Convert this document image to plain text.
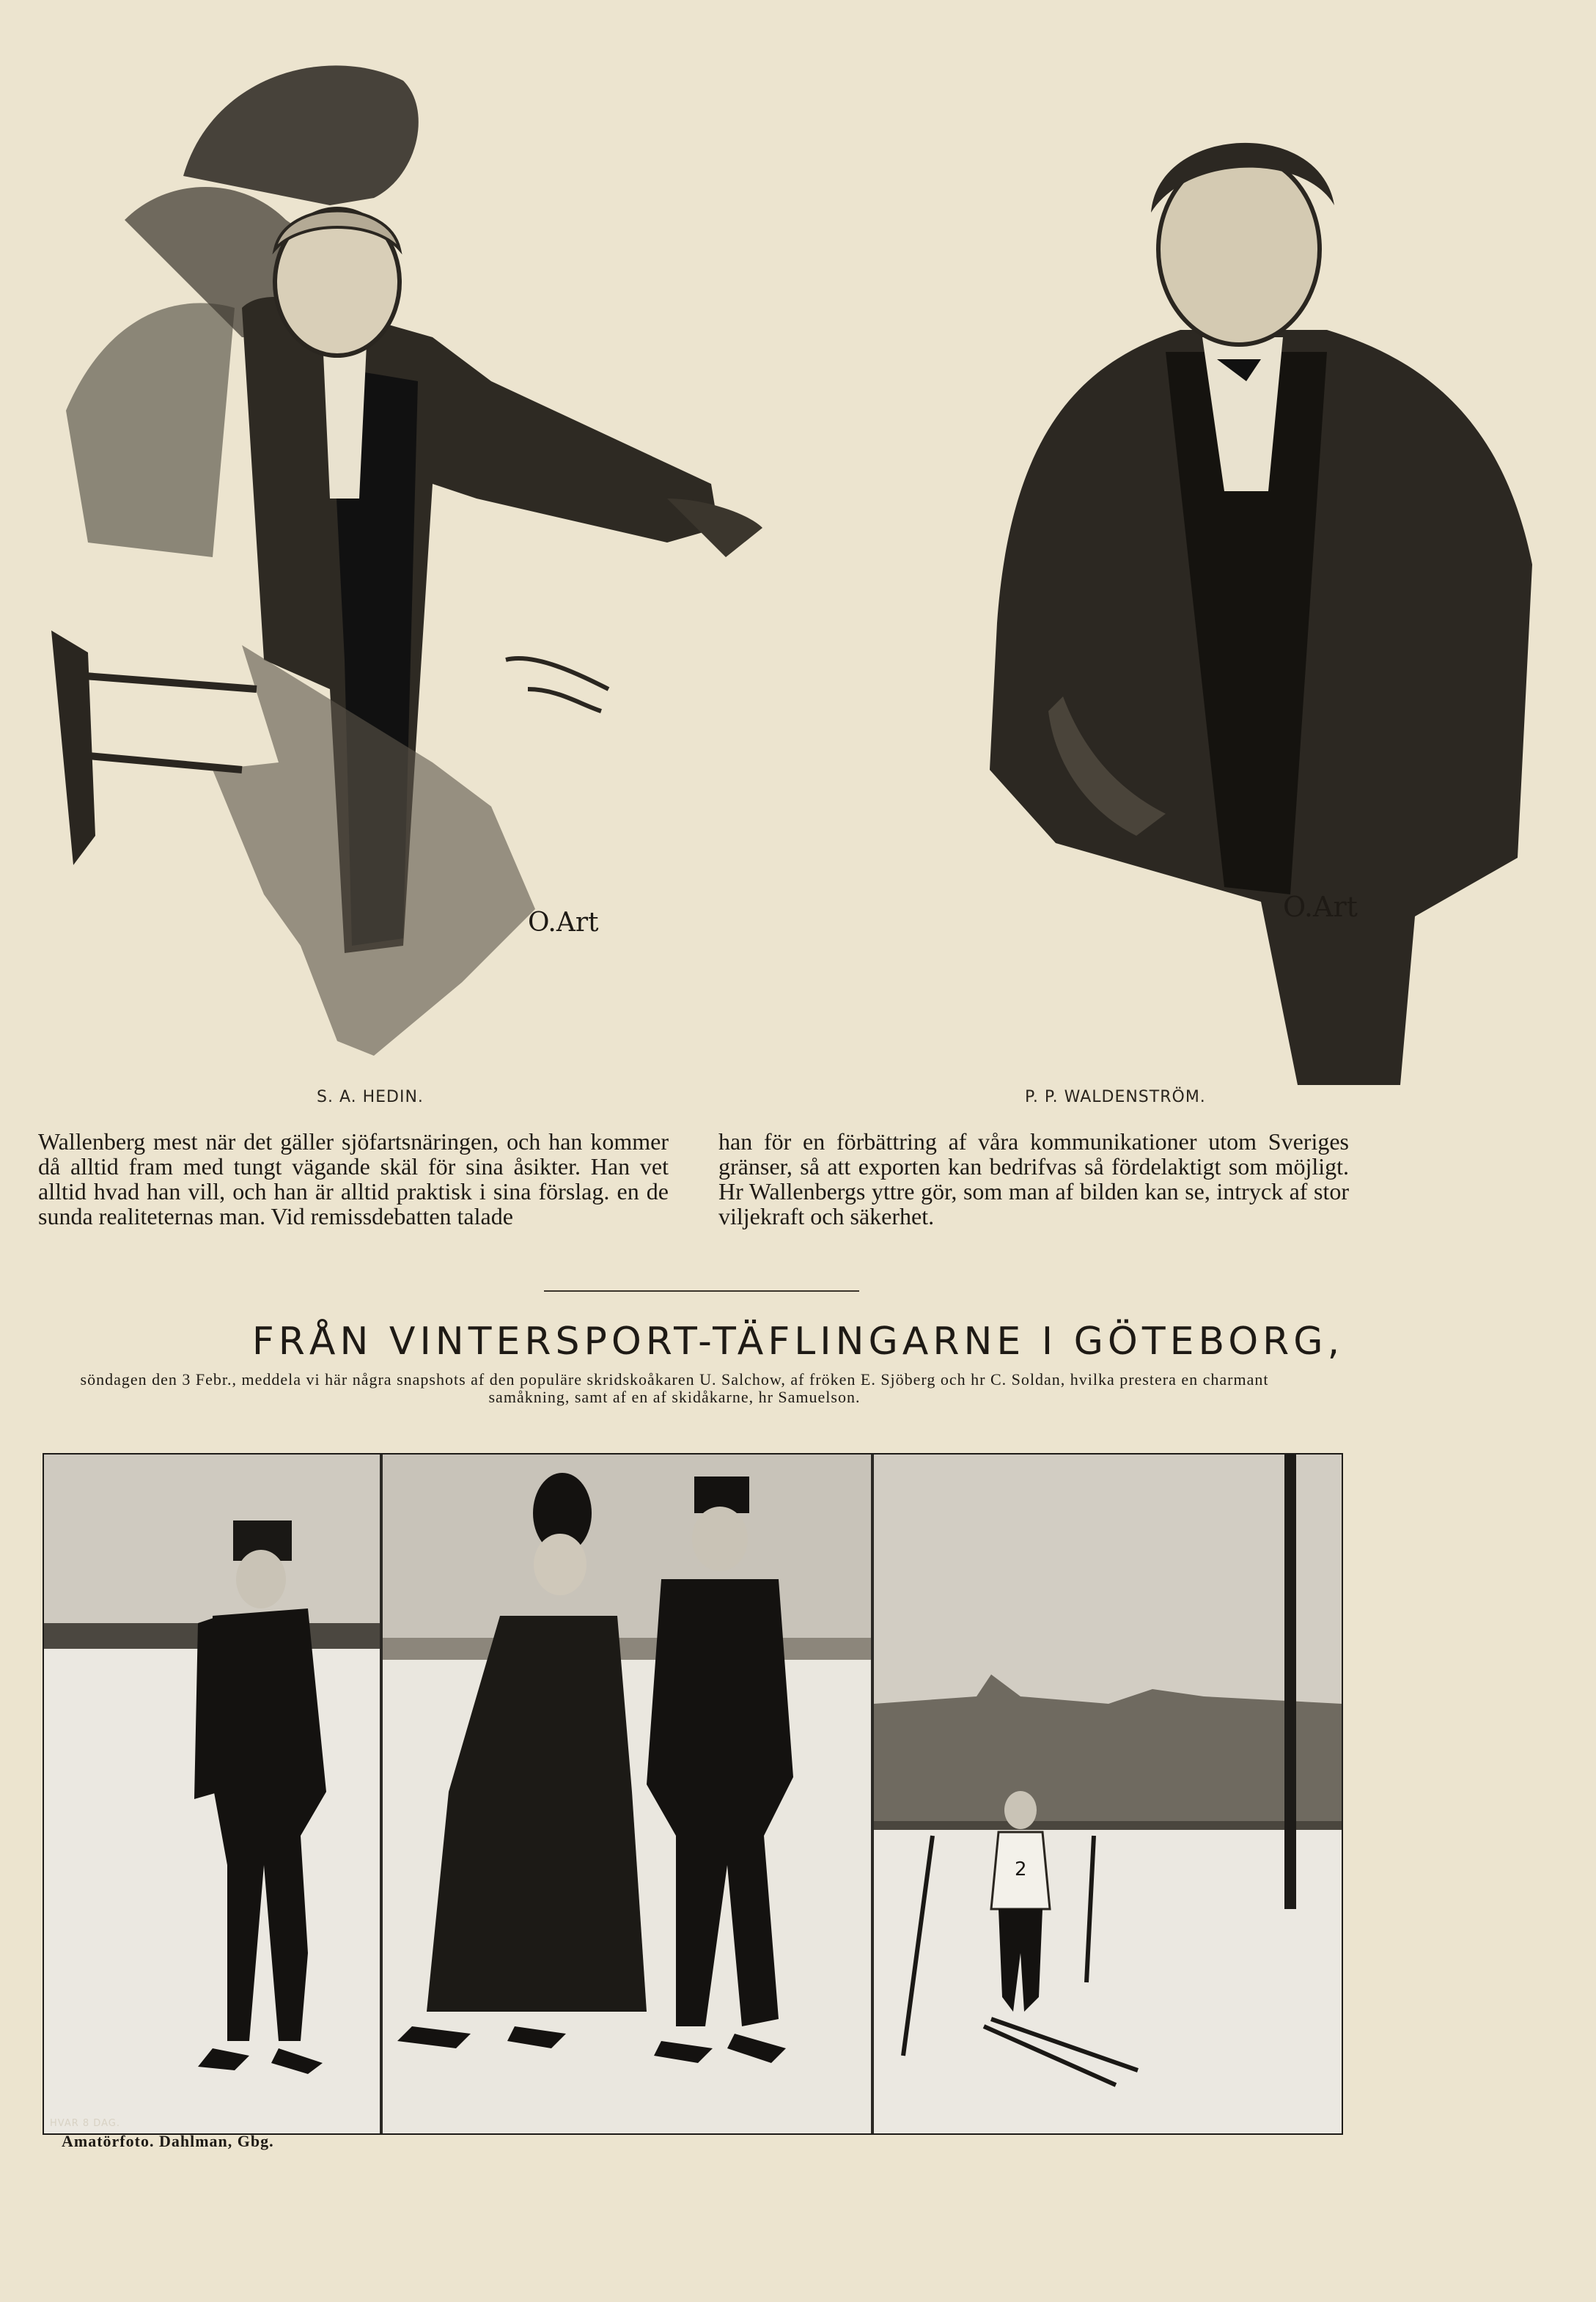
O.Art	O.Art
S. A. HEDIN.	P. P. WALDENSTRÖM.

Wallenberg mest när det gäller sjöfartsnäringen, och han kommer då alltid fram med tungt vägande skäl för sina åsikter. Han vet alltid hvad han vill, och han är alltid praktisk i sina förslag. en de sunda realiteternas man. Vid remissdebatten talade

han för en förbättring af våra kommunikationer utom Sveriges gränser, så att exporten kan bedrifvas så fördelaktigt som möjligt. Hr Wallenbergs yttre gör, som man af bilden kan se, intryck af stor viljekraft och säkerhet.

FRÅN VINTERSPORT-TÄFLINGARNE I GÖTEBORG,
söndagen den 3 Febr., meddela vi här några snapshots af den populäre skridskoåkaren U. Salchow, af fröken E. Sjöberg och hr C. Soldan, hvilka prestera en charmant samåkning, samt af en af skidåkarne, hr Samuelson.
HVAR 8 DAG.
2
Amatörfoto. Dahlman, Gbg.
